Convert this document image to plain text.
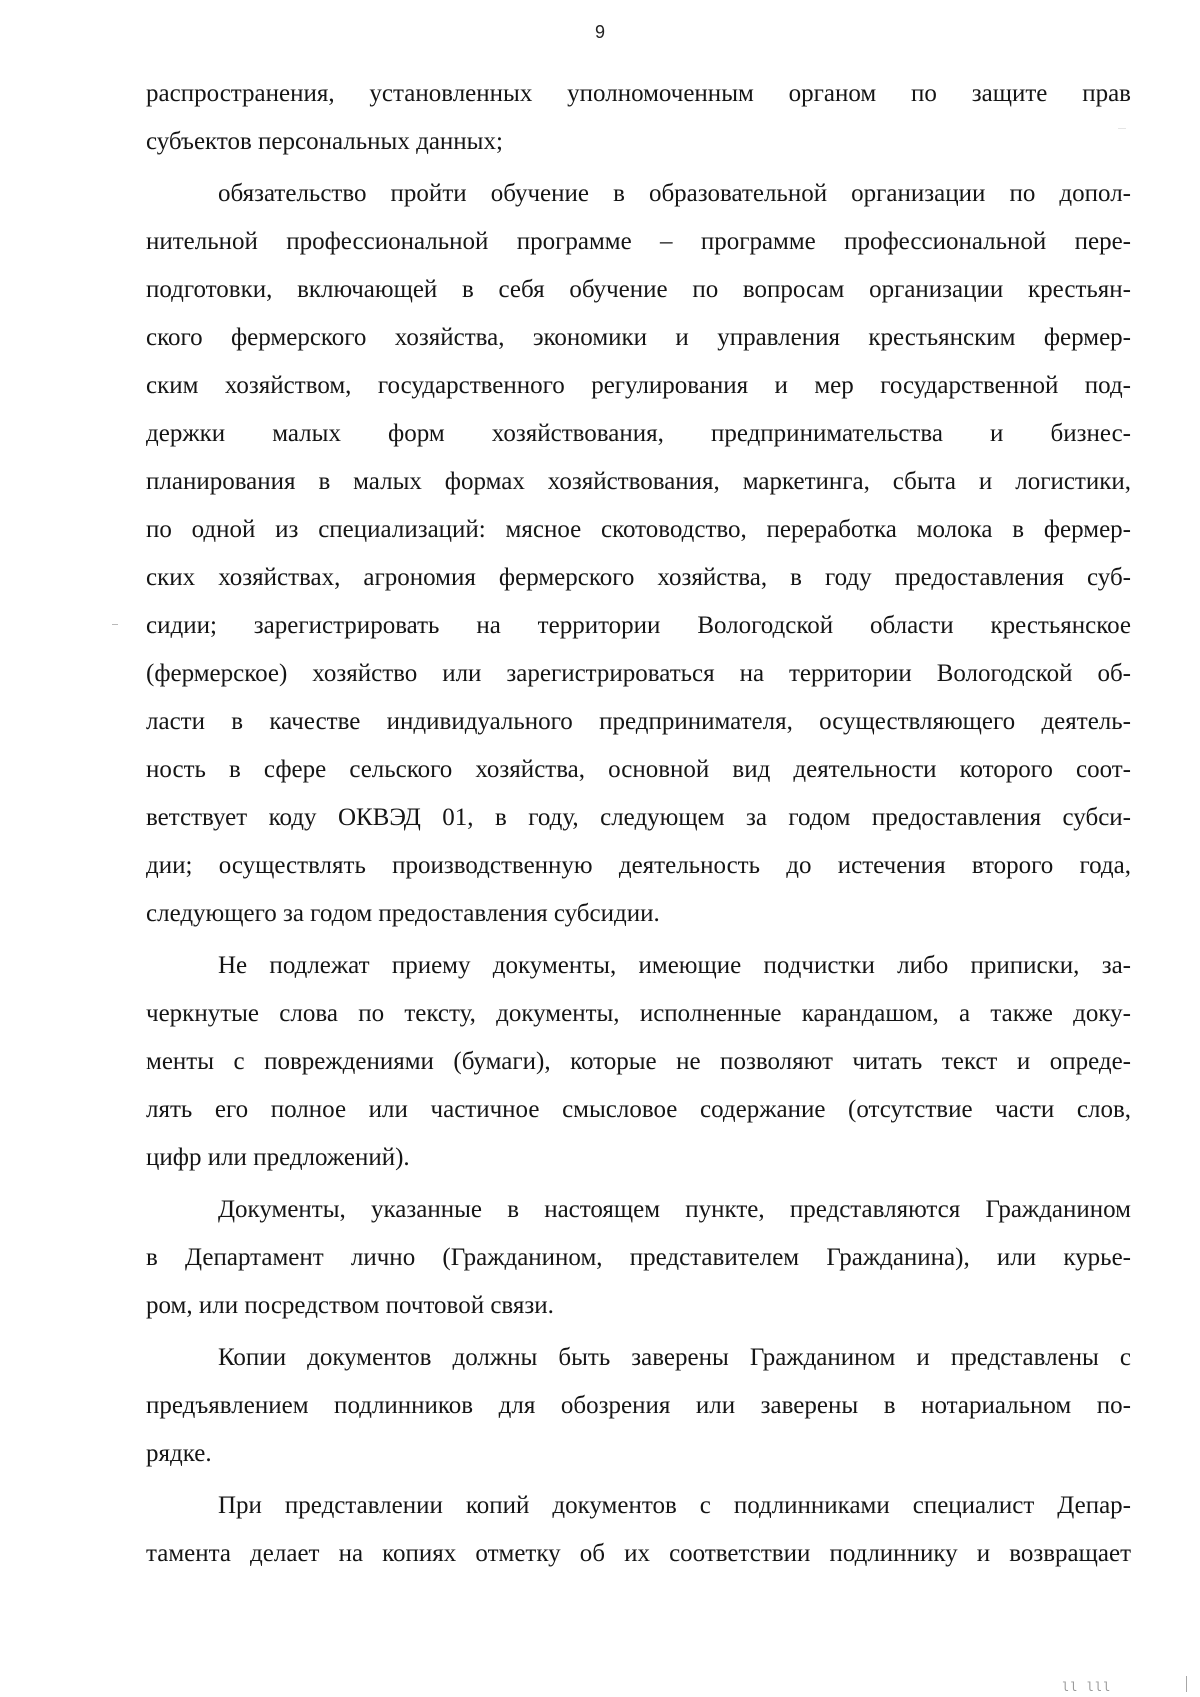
9
распространения, установленных уполномоченным органом по защите прав
субъектов персональных данных;
обязательство пройти обучение в образовательной организации по допол-
нительной профессиональной программе – программе профессиональной пере-
подготовки, включающей в себя обучение по вопросам организации крестьян-
ского фермерского хозяйства, экономики и управления крестьянским фермер-
ским хозяйством, государственного регулирования и мер государственной под-
держки малых форм хозяйствования, предпринимательства и бизнес-
планирования в малых формах хозяйствования, маркетинга, сбыта и логистики,
по одной из специализаций: мясное скотоводство, переработка молока в фермер-
ских хозяйствах, агрономия фермерского хозяйства, в году предоставления суб-
сидии; зарегистрировать на территории Вологодской области крестьянское
(фермерское) хозяйство или зарегистрироваться на территории Вологодской об-
ласти в качестве индивидуального предпринимателя, осуществляющего деятель-
ность в сфере сельского хозяйства, основной вид деятельности которого соот-
ветствует коду ОКВЭД 01, в году, следующем за годом предоставления субси-
дии; осуществлять производственную деятельность до истечения второго года,
следующего за годом предоставления субсидии.
Не подлежат приему документы, имеющие подчистки либо приписки, за-
черкнутые слова по тексту, документы, исполненные карандашом, а также доку-
менты с повреждениями (бумаги), которые не позволяют читать текст и опреде-
лять его полное или частичное смысловое содержание (отсутствие части слов,
цифр или предложений).
Документы, указанные в настоящем пункте, представляются Гражданином
в Департамент лично (Гражданином, представителем Гражданина), или курье-
ром, или посредством почтовой связи.
Копии документов должны быть заверены Гражданином и представлены с
предъявлением подлинников для обозрения или заверены в нотариальном по-
рядке.
При представлении копий документов с подлинниками специалист Депар-
тамента делает на копиях отметку об их соответствии подлиннику и возвращает
ll lll
